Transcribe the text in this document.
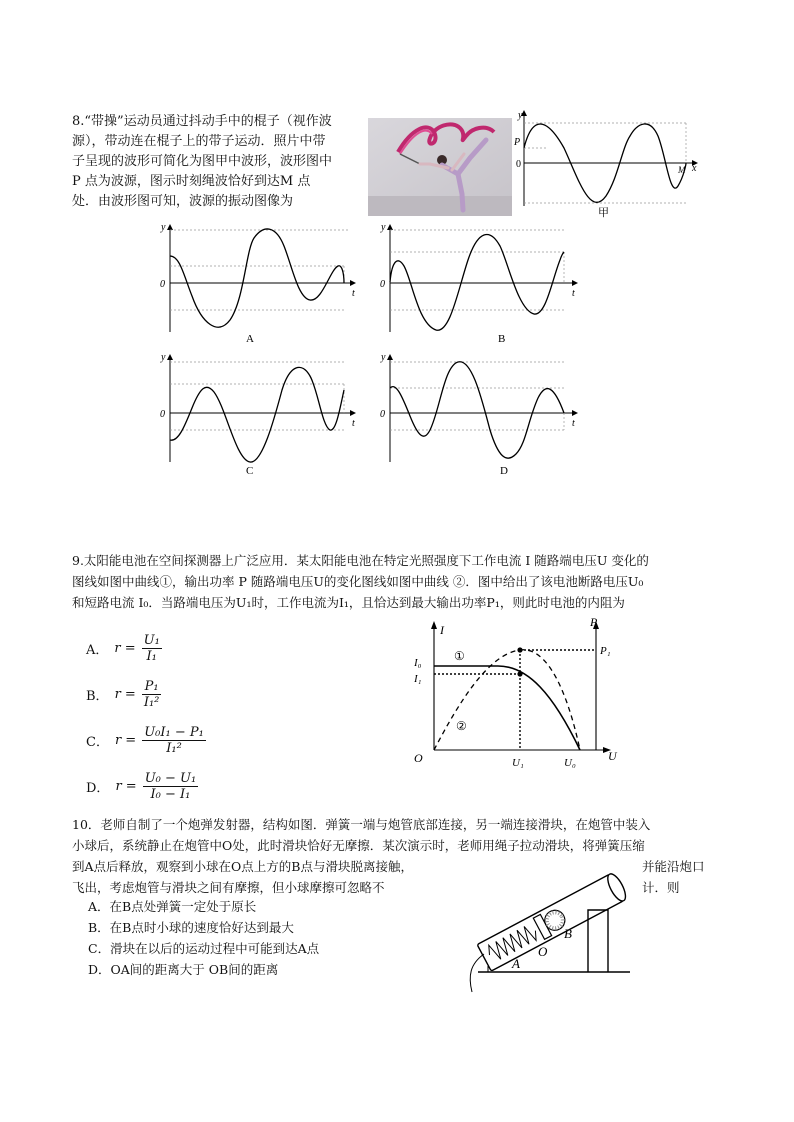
8.“带操”运动员通过抖动手中的棍子（视作波
源），带动连在棍子上的带子运动．照片中带
子呈现的波形可简化为图甲中波形，波形图中
P 点为波源，图示时刻绳波恰好到达M 点
处．由波形图可知，波源的振动图像为
y
P
0	M x
甲
y
0
t
A
y
0
t
B
y
0
t
C
y
0
t
D
9.太阳能电池在空间探测器上广泛应用．某太阳能电池在特定光照强度下工作电流 I 随路端电压U 变化的
图线如图中曲线①，输出功率 P 随路端电压U的变化图线如图中曲线 ②．图中给出了该电池断路电压U₀
和短路电流 I₀．当路端电压为U₁时，工作电流为I₁，且恰达到最大输出功率P₁，则此时电池的内阻为
A． $r = \frac{\text{U₁}}{\text{I₁}}$
B． $r = \frac{\text{P₁}}{\text{I₁²}}$
C． $r = \frac{\text{U₀I₁ − P₁}}{\text{I₁²}}$
D． $r = \frac{\text{U₀ − U₁}}{\text{I₀ − I₁}}$
I
P
U
O
I₀
I₁
P₁
U₁	U₀
①
②
10．老师自制了一个炮弹发射器，结构如图．弹簧一端与炮管底部连接，另一端连接滑块，在炮管中装入
小球后，系统静止在炮管中O处，此时滑块恰好无摩擦．某次演示时，老师用绳子拉动滑块，将弹簧压缩
到A点后释放，观察到小球在O点上方的B点与滑块脱离接触，	并能沿炮口
飞出，考虑炮管与滑块之间有摩擦，但小球摩擦可忽略不	计．则
A．在B点处弹簧一定处于原长
B．在B点时小球的速度恰好达到最大
C．滑块在以后的运动过程中可能到达A点
D．OA间的距离大于 OB间的距离	A
O
B
